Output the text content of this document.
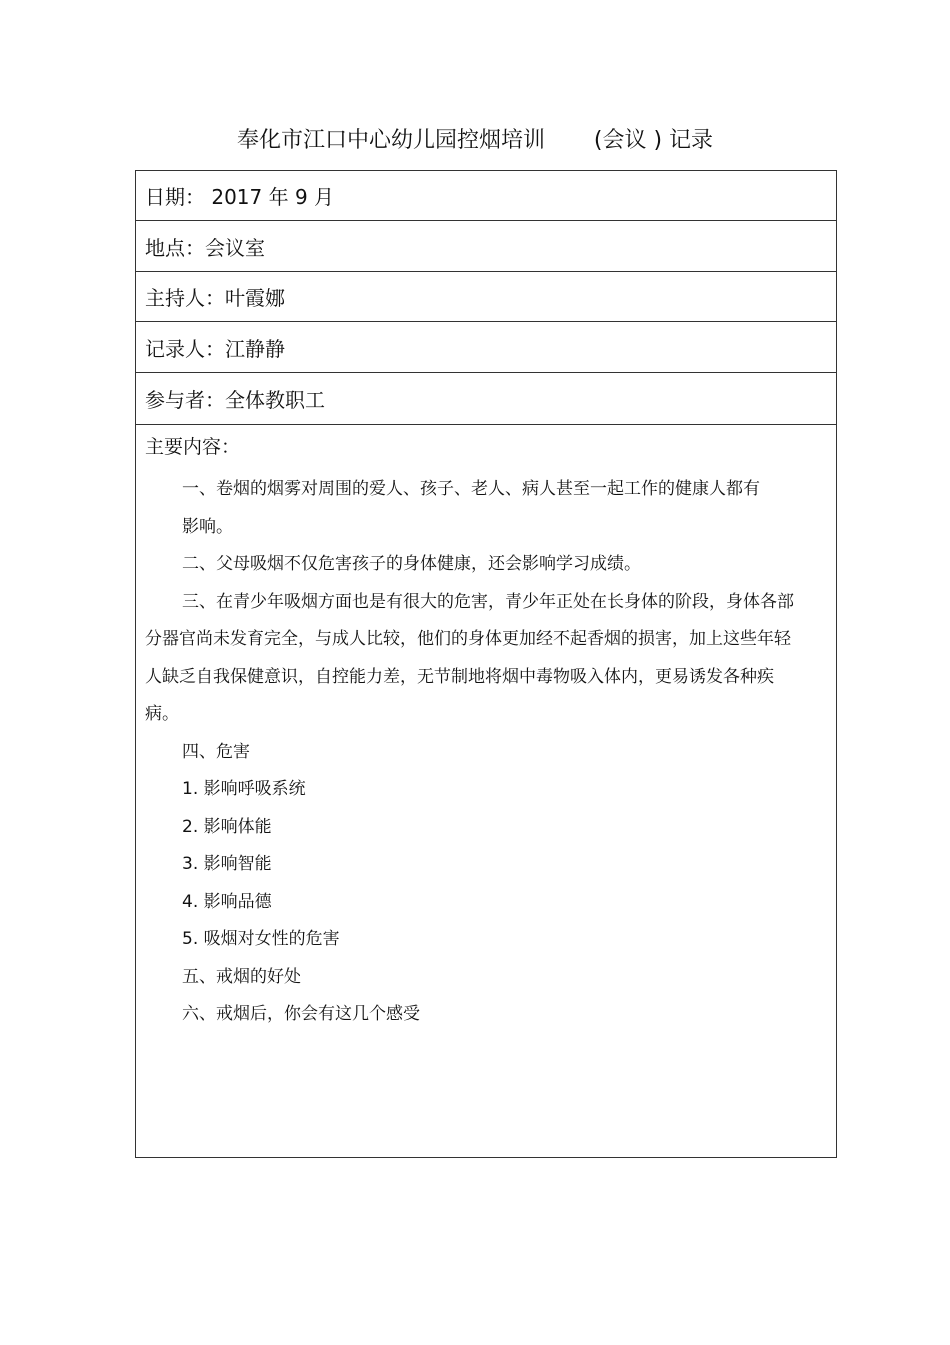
奉化市江口中心幼儿园控烟培训       (会议 ) 记录
日期： 2017 年 9 月
地点：会议室
主持人：叶霞娜
记录人：江静静
参与者：全体教职工
主要内容：

一、卷烟的烟雾对周围的爱人、孩子、老人、病人甚至一起工作的健康人都有

影响。

二、父母吸烟不仅危害孩子的身体健康，还会影响学习成绩。

三、在青少年吸烟方面也是有很大的危害，青少年正处在长身体的阶段，身体各部分器官尚未发育完全，与成人比较，他们的身体更加经不起香烟的损害，加上这些年轻人缺乏自我保健意识，自控能力差，无节制地将烟中毒物吸入体内，更易诱发各种疾病。

四、危害

1. 影响呼吸系统

2. 影响体能

3. 影响智能

4. 影响品德

5. 吸烟对女性的危害

五、戒烟的好处

六、戒烟后，你会有这几个感受
